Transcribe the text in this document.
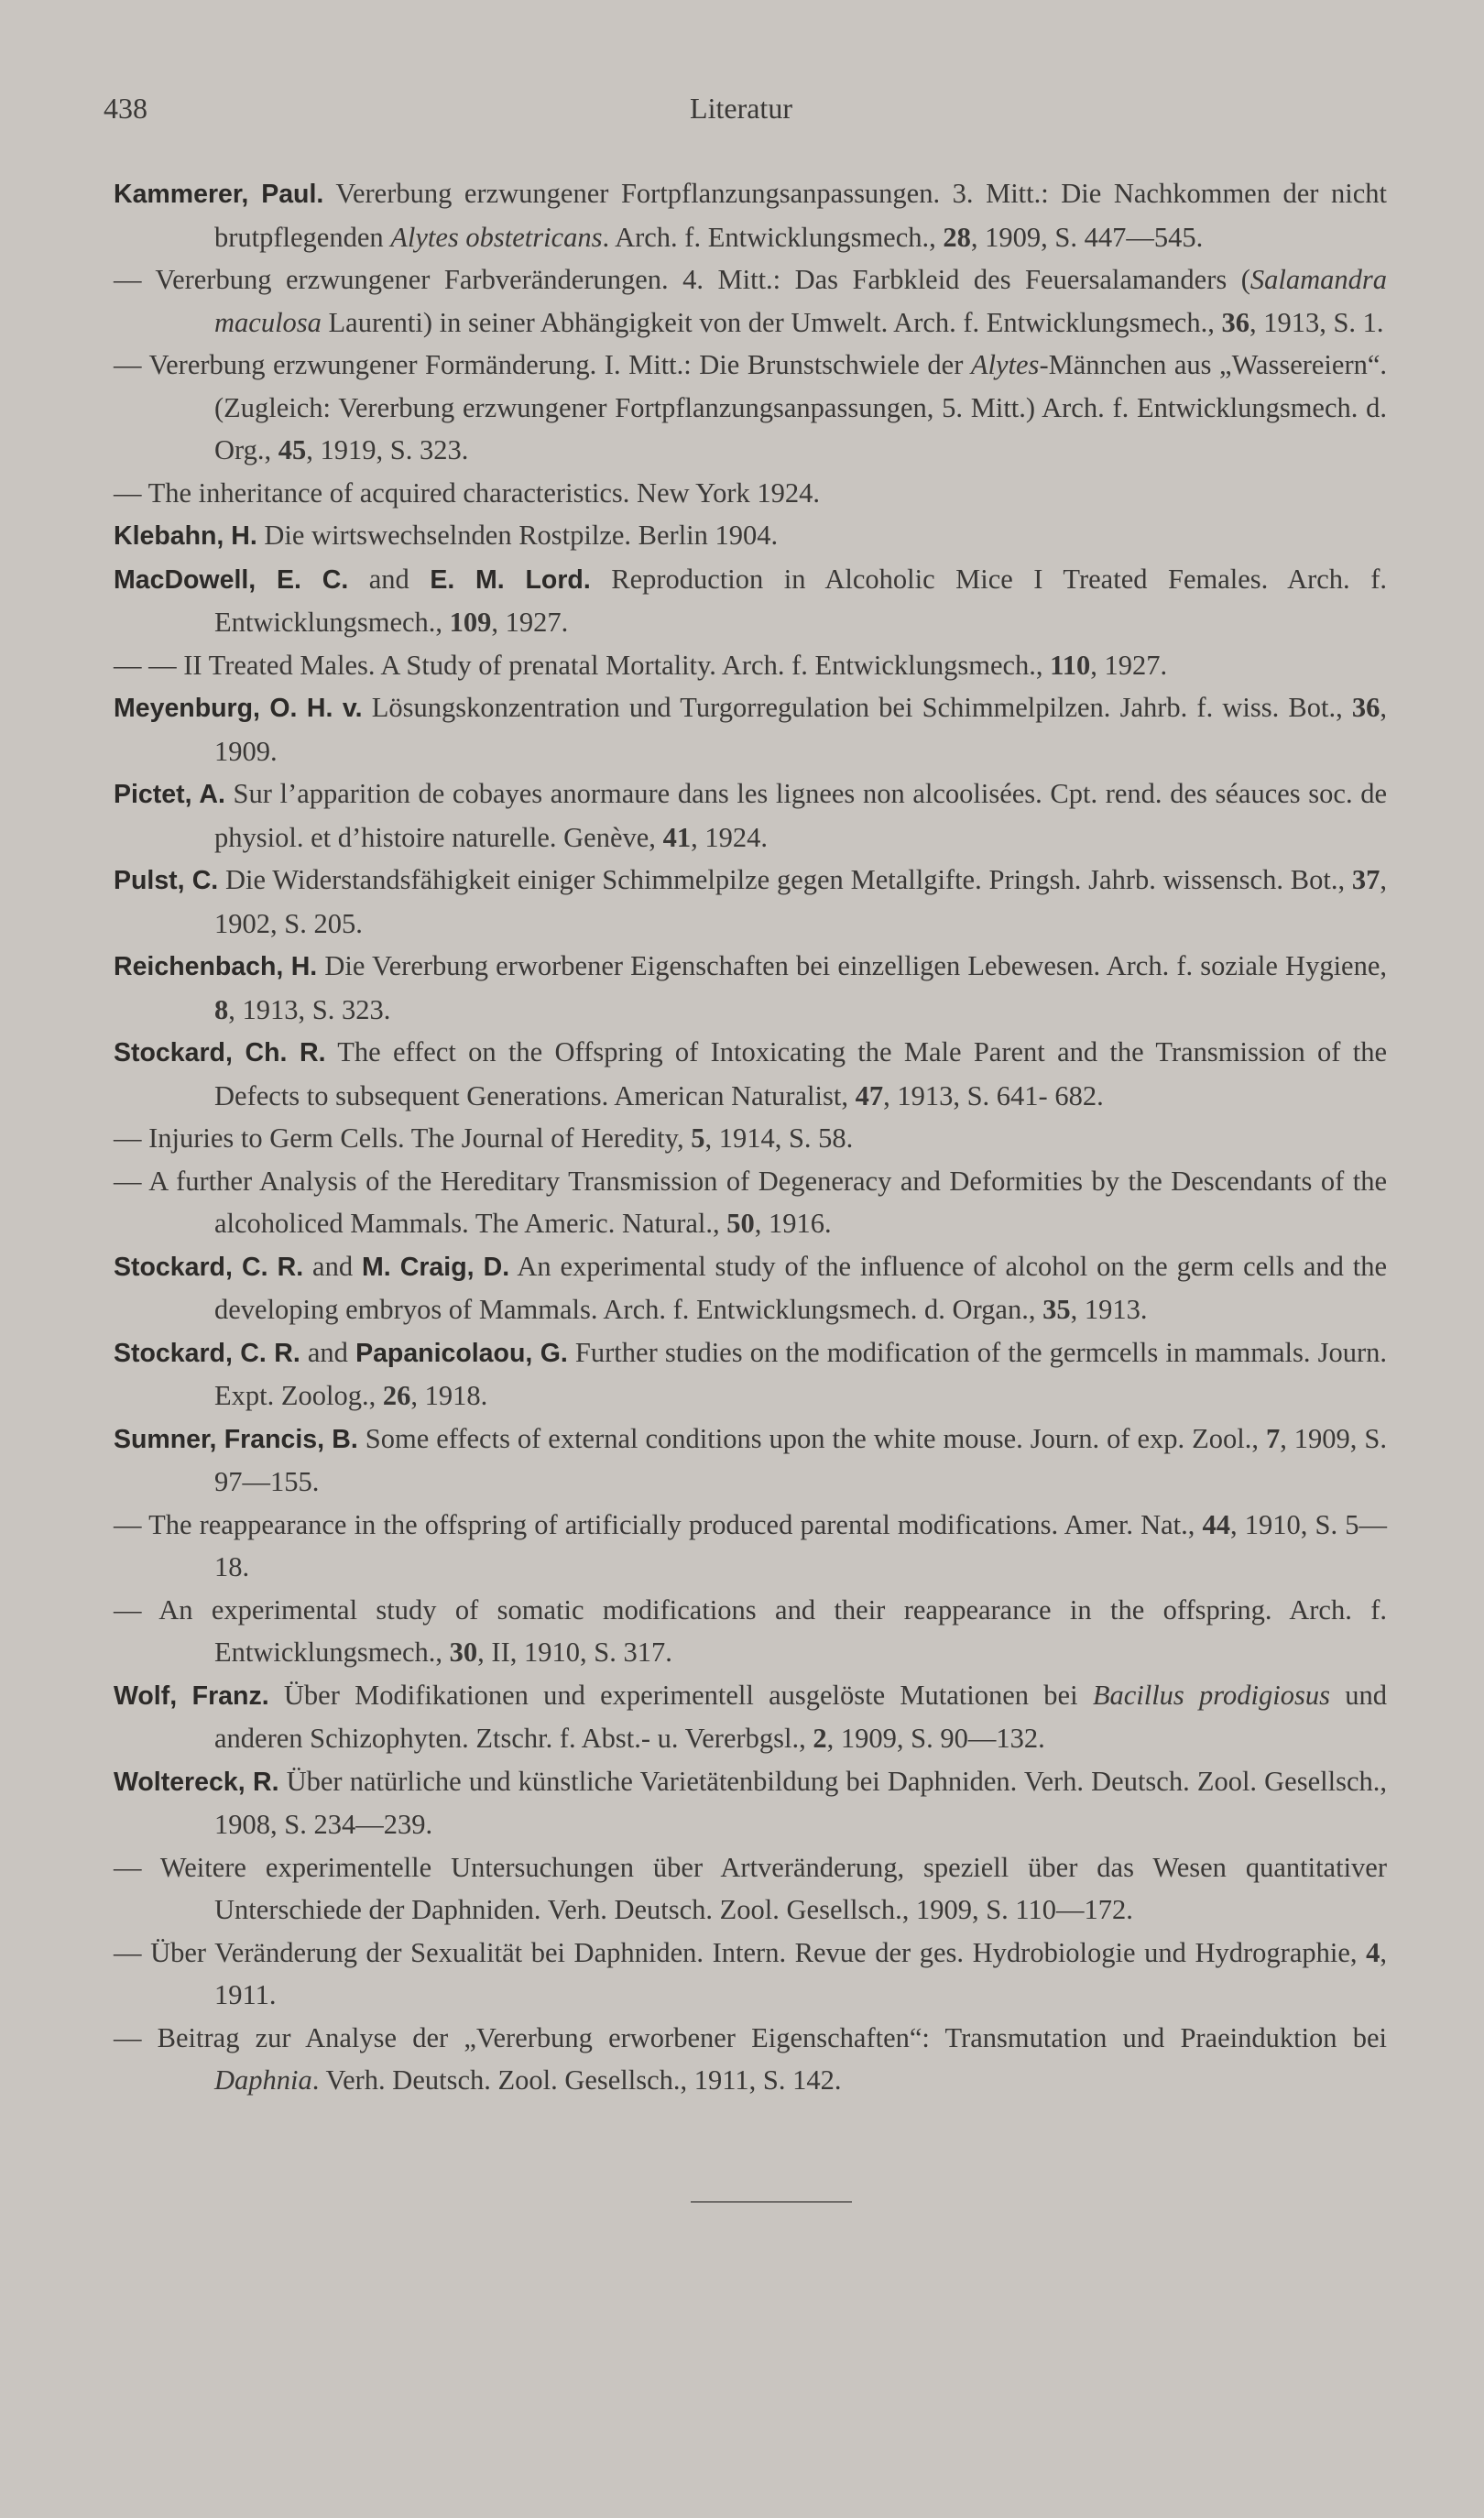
438	Literatur
Kammerer, Paul. Vererbung erzwungener Fortpflanzungsanpassungen. 3. Mitt.: Die Nachkommen der nicht brutpflegenden Alytes obstetricans. Arch. f. Entwicklungsmech., 28, 1909, S. 447—545.
— Vererbung erzwungener Farbveränderungen. 4. Mitt.: Das Farbkleid des Feuersalamanders (Salamandra maculosa Laurenti) in seiner Abhängigkeit von der Umwelt. Arch. f. Entwicklungsmech., 36, 1913, S. 1.
— Vererbung erzwungener Formänderung. I. Mitt.: Die Brunstschwiele der Alytes-Männchen aus „Wassereiern“. (Zugleich: Vererbung erzwungener Fortpflanzungsanpassungen, 5. Mitt.) Arch. f. Entwicklungsmech. d. Org., 45, 1919, S. 323.
— The inheritance of acquired characteristics. New York 1924.
Klebahn, H. Die wirtswechselnden Rostpilze. Berlin 1904.
MacDowell, E. C. and E. M. Lord. Reproduction in Alcoholic Mice I Treated Females. Arch. f. Entwicklungsmech., 109, 1927.
— — II Treated Males. A Study of prenatal Mortality. Arch. f. Entwicklungsmech., 110, 1927.
Meyenburg, O. H. v. Lösungskonzentration und Turgorregulation bei Schimmelpilzen. Jahrb. f. wiss. Bot., 36, 1909.
Pictet, A. Sur l’apparition de cobayes anormaure dans les lignees non alcoolisées. Cpt. rend. des séauces soc. de physiol. et d’histoire naturelle. Genève, 41, 1924.
Pulst, C. Die Widerstandsfähigkeit einiger Schimmelpilze gegen Metallgifte. Pringsh. Jahrb. wissensch. Bot., 37, 1902, S. 205.
Reichenbach, H. Die Vererbung erworbener Eigenschaften bei einzelligen Lebewesen. Arch. f. soziale Hygiene, 8, 1913, S. 323.
Stockard, Ch. R. The effect on the Offspring of Intoxicating the Male Parent and the Transmission of the Defects to subsequent Generations. American Naturalist, 47, 1913, S. 641- 682.
— Injuries to Germ Cells. The Journal of Heredity, 5, 1914, S. 58.
— A further Analysis of the Hereditary Transmission of Degeneracy and Deformities by the Descendants of the alcoholiced Mammals. The Americ. Natural., 50, 1916.
Stockard, C. R. and M. Craig, D. An experimental study of the influence of alcohol on the germ cells and the developing embryos of Mammals. Arch. f. Entwicklungsmech. d. Organ., 35, 1913.
Stockard, C. R. and Papanicolaou, G. Further studies on the modification of the germcells in mammals. Journ. Expt. Zoolog., 26, 1918.
Sumner, Francis, B. Some effects of external conditions upon the white mouse. Journ. of exp. Zool., 7, 1909, S. 97—155.
— The reappearance in the offspring of artificially produced parental modifications. Amer. Nat., 44, 1910, S. 5—18.
— An experimental study of somatic modifications and their reappearance in the offspring. Arch. f. Entwicklungsmech., 30, II, 1910, S. 317.
Wolf, Franz. Über Modifikationen und experimentell ausgelöste Mutationen bei Bacillus prodigiosus und anderen Schizophyten. Ztschr. f. Abst.- u. Vererbgsl., 2, 1909, S. 90—132.
Woltereck, R. Über natürliche und künstliche Varietätenbildung bei Daphniden. Verh. Deutsch. Zool. Gesellsch., 1908, S. 234—239.
— Weitere experimentelle Untersuchungen über Artveränderung, speziell über das Wesen quantitativer Unterschiede der Daphniden. Verh. Deutsch. Zool. Gesellsch., 1909, S. 110—172.
— Über Veränderung der Sexualität bei Daphniden. Intern. Revue der ges. Hydrobiologie und Hydrographie, 4, 1911.
— Beitrag zur Analyse der „Vererbung erworbener Eigenschaften“: Transmutation und Praeinduktion bei Daphnia. Verh. Deutsch. Zool. Gesellsch., 1911, S. 142.
